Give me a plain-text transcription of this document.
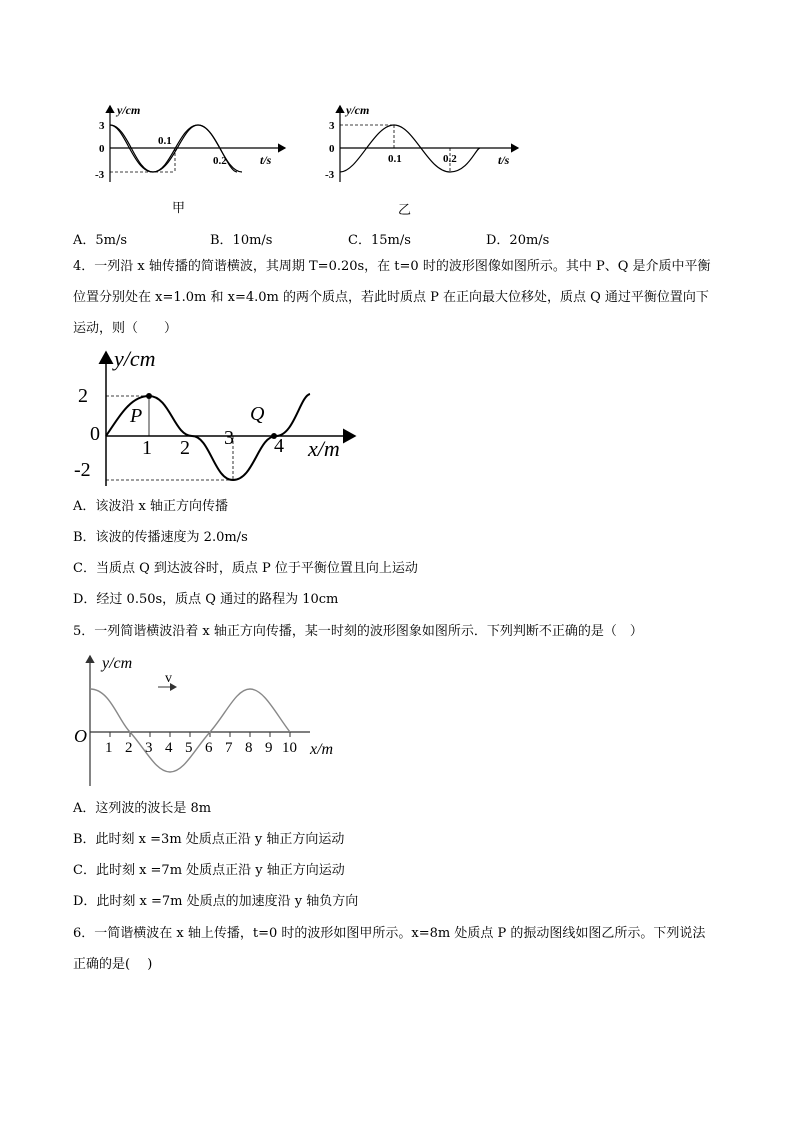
y/cm
t/s
3
0
-3
0.1
0.2
甲
y/cm
t/s
3
0
-3
0.1	0.2
乙
A．5m/s	B．10m/s	C．15m/s	D．20m/s
4．一列沿 x 轴传播的简谐横波，其周期 T=0.20s，在 t=0 时的波形图像如图所示。其中 P、Q 是介质中平衡
位置分别处在 x=1.0m 和 x=4.0m 的两个质点，若此时质点 P 在正向最大位移处，质点 Q 通过平衡位置向下
运动，则（　　）
y/cm
x/m
2
0
-2
1 2 3 4
P	Q
A．该波沿 x 轴正方向传播
B．该波的传播速度为 2.0m/s
C．当质点 Q 到达波谷时，质点 P 位于平衡位置且向上运动
D．经过 0.50s，质点 Q 通过的路程为 10cm
5．一列简谐横波沿着 x 轴正方向传播，某一时刻的波形图象如图所示．下列判断不正确的是（　）
v
y/cm
x/m
O
1 2 3 4 5 6 7 8 9 10
A．这列波的波长是 8m
B．此时刻 x =3m 处质点正沿 y 轴正方向运动
C．此时刻 x =7m 处质点正沿 y 轴正方向运动
D．此时刻 x =7m 处质点的加速度沿 y 轴负方向
6．一简谐横波在 x 轴上传播，t=0 时的波形如图甲所示。x=8m 处质点 P 的振动图线如图乙所示。下列说法
正确的是(　 )
